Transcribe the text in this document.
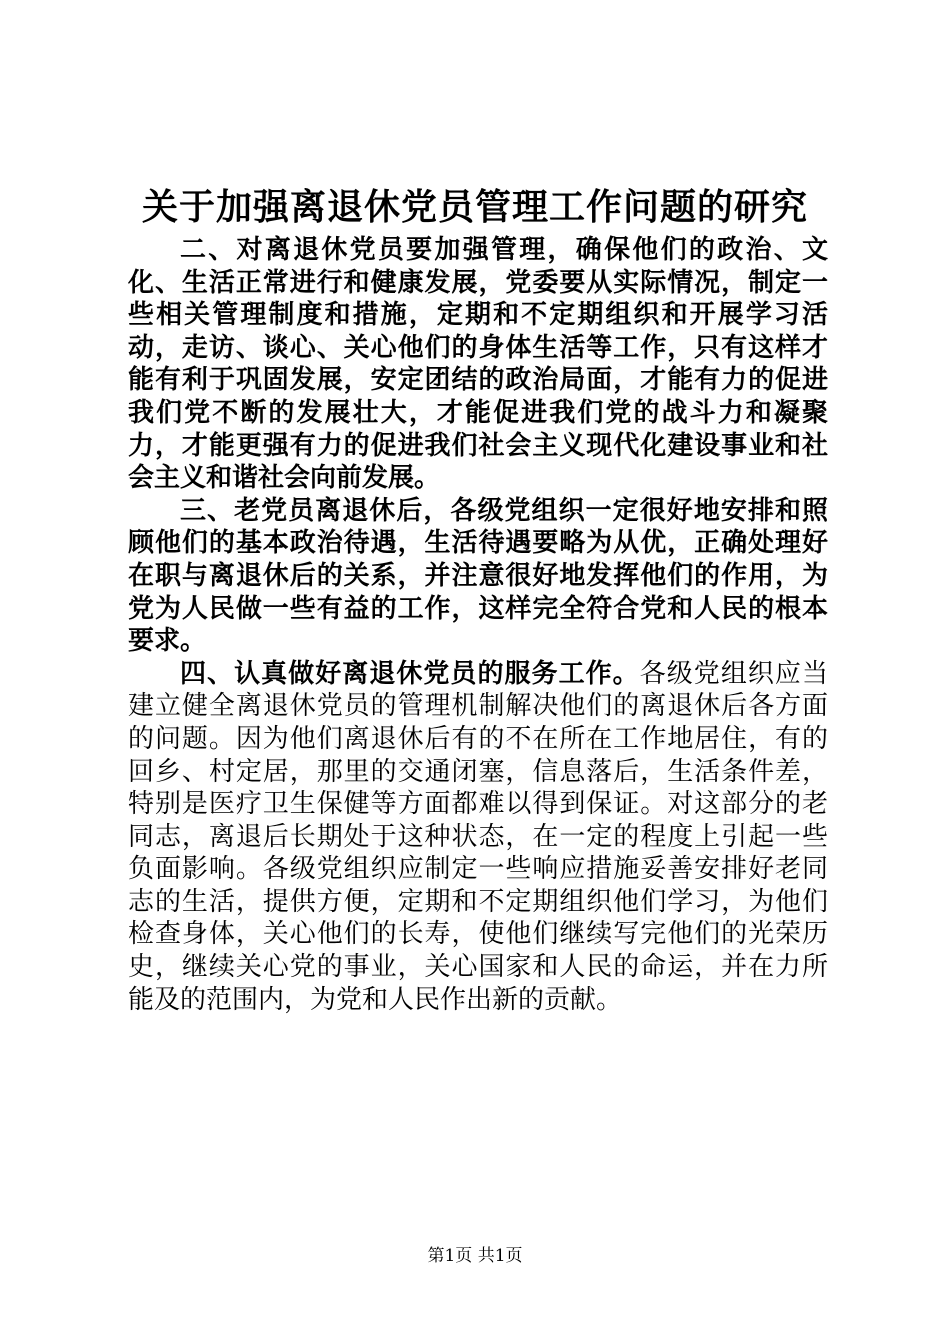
关于加强离退休党员管理工作问题的研究

二、对离退休党员要加强管理，确保他们的政治、文化、生活正常进行和健康发展，党委要从实际情况，制定一些相关管理制度和措施，定期和不定期组织和开展学习活动，走访、谈心、关心他们的身体生活等工作，只有这样才能有利于巩固发展，安定团结的政治局面，才能有力的促进我们党不断的发展壮大，才能促进我们党的战斗力和凝聚力，才能更强有力的促进我们社会主义现代化建设事业和社会主义和谐社会向前发展。

三、老党员离退休后，各级党组织一定很好地安排和照顾他们的基本政治待遇，生活待遇要略为从优，正确处理好在职与离退休后的关系，并注意很好地发挥他们的作用，为党为人民做一些有益的工作，这样完全符合党和人民的根本要求。

四、认真做好离退休党员的服务工作。各级党组织应当建立健全离退休党员的管理机制解决他们的离退休后各方面的问题。因为他们离退休后有的不在所在工作地居住，有的回乡、村定居，那里的交通闭塞，信息落后，生活条件差，特别是医疗卫生保健等方面都难以得到保证。对这部分的老同志，离退后长期处于这种状态，在一定的程度上引起一些负面影响。各级党组织应制定一些响应措施妥善安排好老同志的生活，提供方便，定期和不定期组织他们学习，为他们检查身体，关心他们的长寿，使他们继续写完他们的光荣历史，继续关心党的事业，关心国家和人民的命运，并在力所能及的范围内，为党和人民作出新的贡献。

第1页 共1页
